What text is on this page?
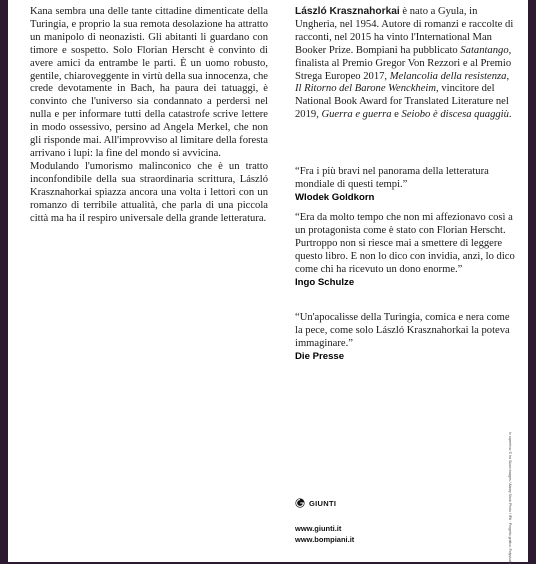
Kana sembra una delle tante cittadine dimenticate della Turingia, e proprio la sua remota desolazione ha attratto un manipolo di neonazisti. Gli abitanti li guardano con timore e sospetto. Solo Florian Herscht è convinto di avere amici da entrambe le parti. È un uomo robusto, gentile, chiaroveggente in virtù della sua innocenza, che crede devotamente in Bach, ha paura dei tatuaggi, è convinto che l'universo sia condannato a perdersi nel nulla e per informare tutti della catastrofe scrive lettere in modo ossessivo, persino ad Angela Merkel, che non gli risponde mai. All'improvviso al limitare della foresta arrivano i lupi: la fine del mondo si avvicina.

Modulando l'umorismo malinconico che è un tratto inconfondibile della sua straordinaria scrittura, László Krasznahorkai spiazza ancora una volta i lettori con un romanzo di terribile attualità, che parla di una piccola città ma ha il respiro universale della grande letteratura.

László Krasznahorkai è nato a Gyula, in Ungheria, nel 1954. Autore di romanzi e raccolte di racconti, nel 2015 ha vinto l'International Man Booker Prize. Bompiani ha pubblicato Satantango, finalista al Premio Gregor Von Rezzori e al Premio Strega Europeo 2017, Melancolia della resistenza, Il Ritorno del Barone Wenckheim, vincitore del National Book Award for Translated Literature nel 2019, Guerra e guerra e Seiobo è discesa quaggiù.

“Fra i più bravi nel panorama della letteratura mondiale di questi tempi.”

Wlodek Goldkorn

“Era da molto tempo che non mi affezionavo così a un protagonista come è stato con Florian Herscht. Purtroppo non si riesce mai a smettere di leggere questo libro. E non lo dico con invidia, anzi, lo dico come chi ha ricevuto un dono enorme.”

Ingo Schulze

“Un'apocalisse della Turingia, comica e nera come la pece, come solo László Krasznahorkai la poteva immaginare.”

Die Presse

In copertina: © Ira Sloan Images / Alamy Stock Photo / IPA · Progetto grafico: Polystudio
GIUNTI
www.giunti.it
www.bompiani.it
